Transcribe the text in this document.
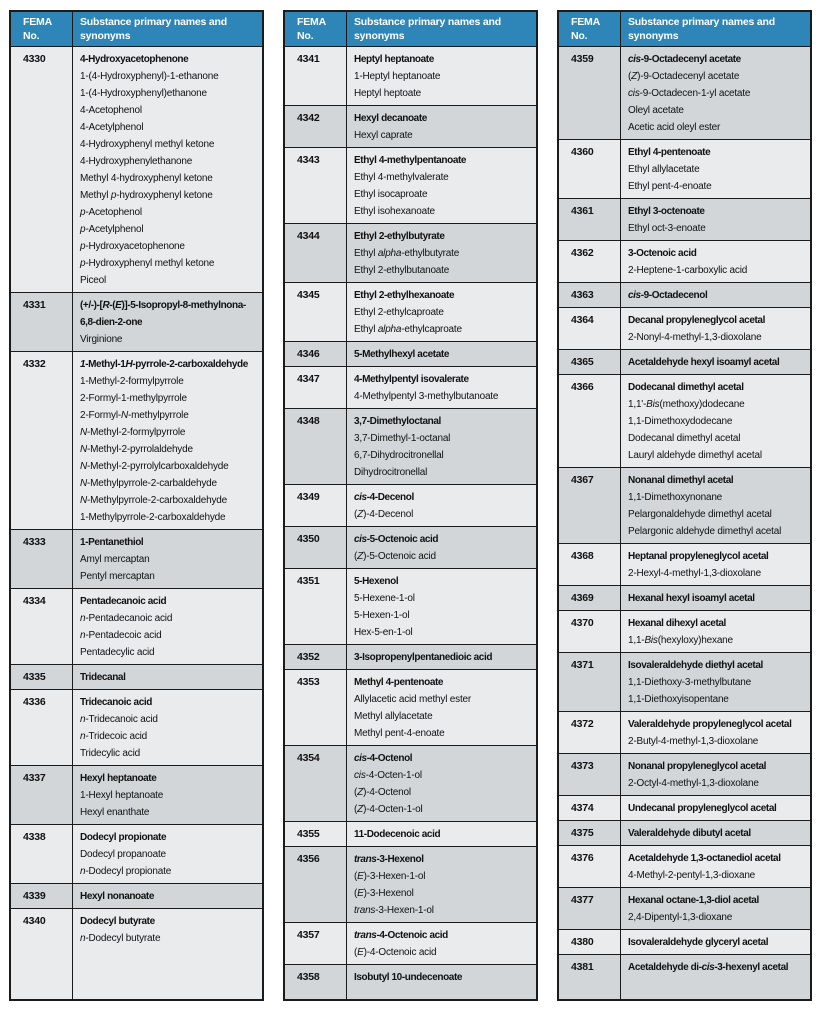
FEMA No.
Substance primary names and synonyms
4330	4-Hydroxyacetophenone
1-(4-Hydroxyphenyl)-1-ethanone
1-(4-Hydroxyphenyl)ethanone
4-Acetophenol
4-Acetylphenol
4-Hydroxyphenyl methyl ketone
4-Hydroxyphenylethanone
Methyl 4-hydroxyphenyl ketone
Methyl p-hydroxyphenyl ketone
p-Acetophenol
p-Acetylphenol
p-Hydroxyacetophenone
p-Hydroxyphenyl methyl ketone
Piceol
4331	(+/-)-[R-(E)]-5-Isopropyl-8-methylnona-6,8-dien-2-one
Virginione
4332	1-Methyl-1H-pyrrole-2-carboxaldehyde
1-Methyl-2-formylpyrrole
2-Formyl-1-methylpyrrole
2-Formyl-N-methylpyrrole
N-Methyl-2-formylpyrrole
N-Methyl-2-pyrrolaldehyde
N-Methyl-2-pyrrolylcarboxaldehyde
N-Methylpyrrole-2-carbaldehyde
N-Methylpyrrole-2-carboxaldehyde
1-Methylpyrrole-2-carboxaldehyde
4333	1-Pentanethiol
Amyl mercaptan
Pentyl mercaptan
4334	Pentadecanoic acid
n-Pentadecanoic acid
n-Pentadecoic acid
Pentadecylic acid
4335	Tridecanal
4336	Tridecanoic acid
n-Tridecanoic acid
n-Tridecoic acid
Tridecylic acid
4337	Hexyl heptanoate
1-Hexyl heptanoate
Hexyl enanthate
4338	Dodecyl propionate
Dodecyl propanoate
n-Dodecyl propionate
4339	Hexyl nonanoate
4340	Dodecyl butyrate
n-Dodecyl butyrate
FEMA No.
Substance primary names and synonyms
4341	Heptyl heptanoate
1-Heptyl heptanoate
Heptyl heptoate
4342	Hexyl decanoate
Hexyl caprate
4343	Ethyl 4-methylpentanoate
Ethyl 4-methylvalerate
Ethyl isocaproate
Ethyl isohexanoate
4344	Ethyl 2-ethylbutyrate
Ethyl alpha-ethylbutyrate
Ethyl 2-ethylbutanoate
4345	Ethyl 2-ethylhexanoate
Ethyl 2-ethylcaproate
Ethyl alpha-ethylcaproate
4346	5-Methylhexyl acetate
4347	4-Methylpentyl isovalerate
4-Methylpentyl 3-methylbutanoate
4348	3,7-Dimethyloctanal
3,7-Dimethyl-1-octanal
6,7-Dihydrocitronellal
Dihydrocitronellal
4349	cis-4-Decenol
(Z)-4-Decenol
4350	cis-5-Octenoic acid
(Z)-5-Octenoic acid
4351	5-Hexenol
5-Hexene-1-ol
5-Hexen-1-ol
Hex-5-en-1-ol
4352	3-Isopropenylpentanedioic acid
4353	Methyl 4-pentenoate
Allylacetic acid methyl ester
Methyl allylacetate
Methyl pent-4-enoate
4354	cis-4-Octenol
cis-4-Octen-1-ol
(Z)-4-Octenol
(Z)-4-Octen-1-ol
4355	11-Dodecenoic acid
4356	trans-3-Hexenol
(E)-3-Hexen-1-ol
(E)-3-Hexenol
trans-3-Hexen-1-ol
4357	trans-4-Octenoic acid
(E)-4-Octenoic acid
4358	Isobutyl 10-undecenoate
FEMA No.
Substance primary names and synonyms
4359	cis-9-Octadecenyl acetate
(Z)-9-Octadecenyl acetate
cis-9-Octadecen-1-yl acetate
Oleyl acetate
Acetic acid oleyl ester
4360	Ethyl 4-pentenoate
Ethyl allylacetate
Ethyl pent-4-enoate
4361	Ethyl 3-octenoate
Ethyl oct-3-enoate
4362	3-Octenoic acid
2-Heptene-1-carboxylic acid
4363	cis-9-Octadecenol
4364	Decanal propyleneglycol acetal
2-Nonyl-4-methyl-1,3-dioxolane
4365	Acetaldehyde hexyl isoamyl acetal
4366	Dodecanal dimethyl acetal
1,1'-Bis(methoxy)dodecane
1,1-Dimethoxydodecane
Dodecanal dimethyl acetal
Lauryl aldehyde dimethyl acetal
4367	Nonanal dimethyl acetal
1,1-Dimethoxynonane
Pelargonaldehyde dimethyl acetal
Pelargonic aldehyde dimethyl acetal
4368	Heptanal propyleneglycol acetal
2-Hexyl-4-methyl-1,3-dioxolane
4369	Hexanal hexyl isoamyl acetal
4370	Hexanal dihexyl acetal
1,1-Bis(hexyloxy)hexane
4371	Isovaleraldehyde diethyl acetal
1,1-Diethoxy-3-methylbutane
1,1-Diethoxyisopentane
4372	Valeraldehyde propyleneglycol acetal
2-Butyl-4-methyl-1,3-dioxolane
4373	Nonanal propyleneglycol acetal
2-Octyl-4-methyl-1,3-dioxolane
4374	Undecanal propyleneglycol acetal
4375	Valeraldehyde dibutyl acetal
4376	Acetaldehyde 1,3-octanediol acetal
4-Methyl-2-pentyl-1,3-dioxane
4377	Hexanal octane-1,3-diol acetal
2,4-Dipentyl-1,3-dioxane
4380	Isovaleraldehyde glyceryl acetal
4381	Acetaldehyde di-cis-3-hexenyl acetal
